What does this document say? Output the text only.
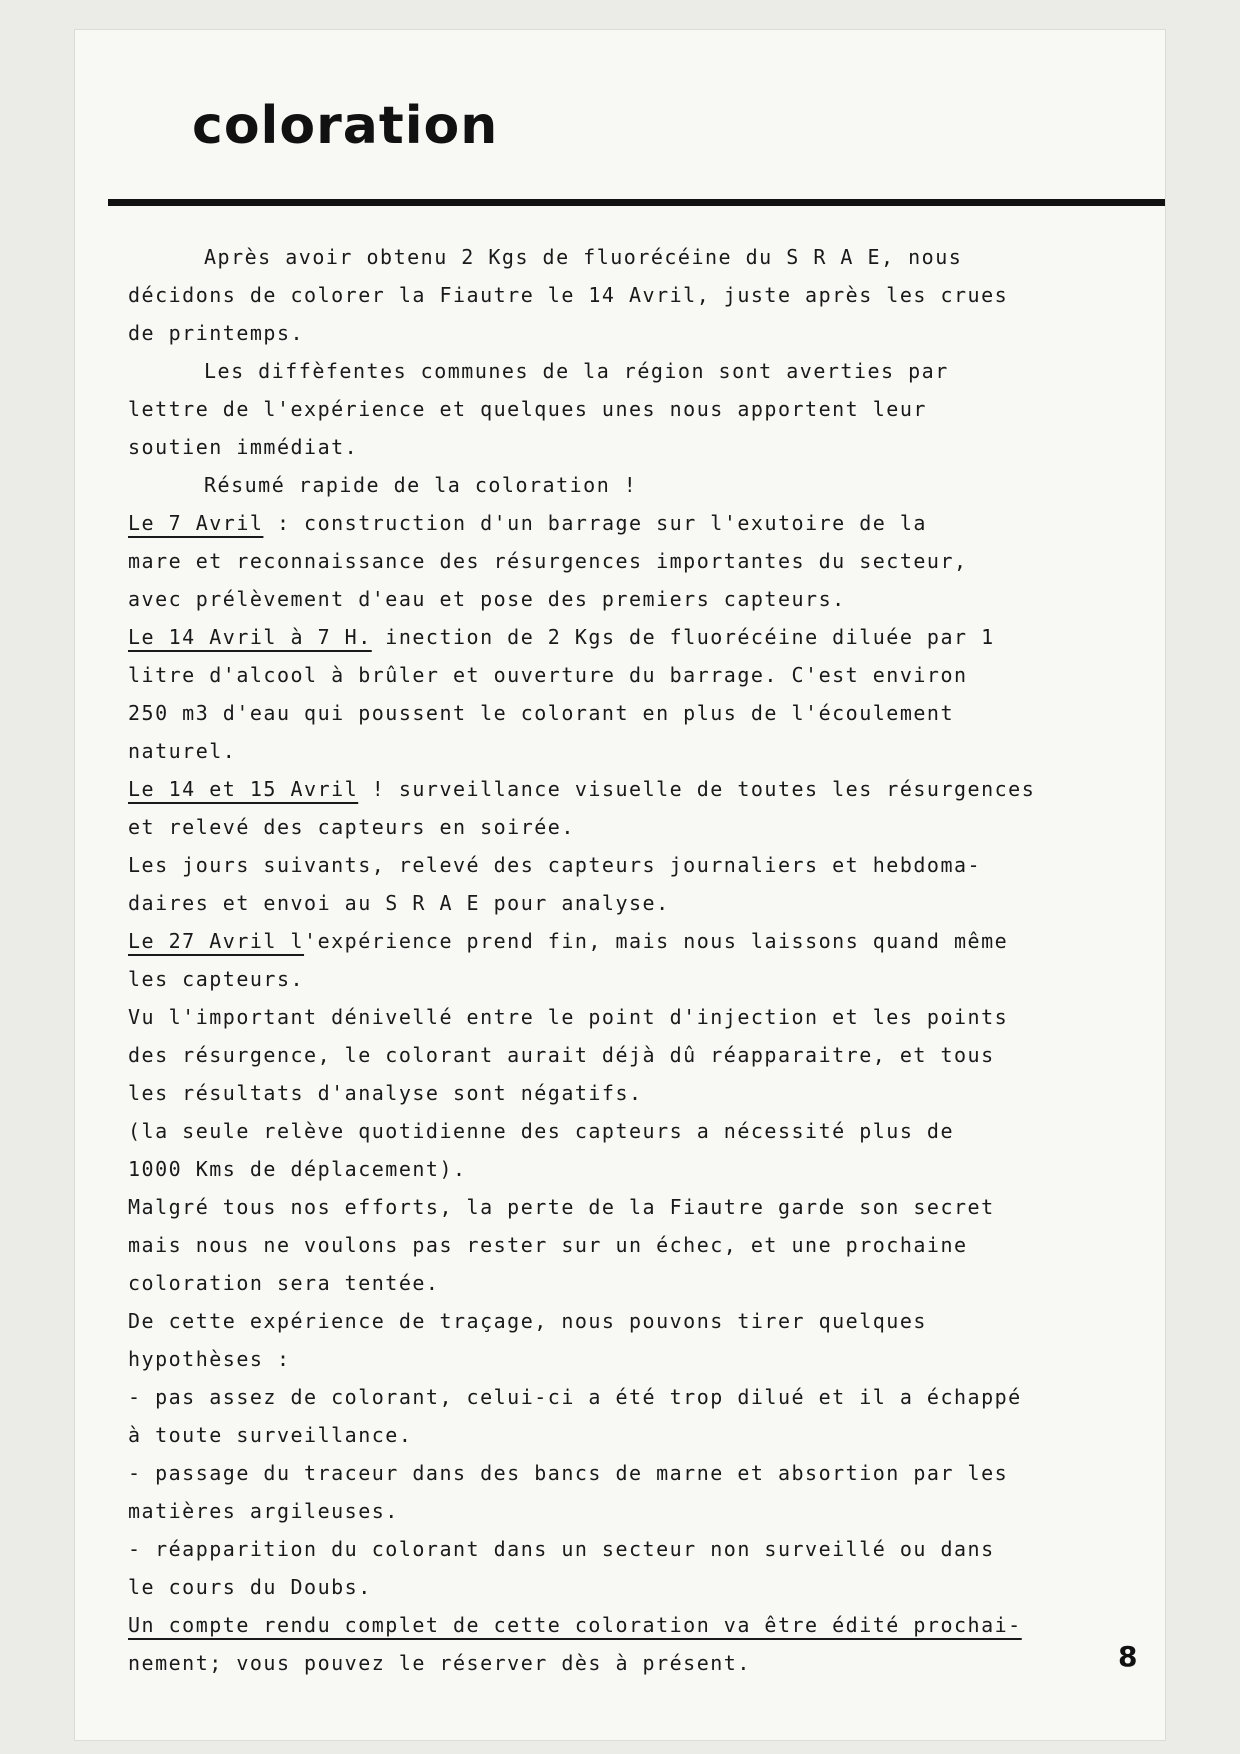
coloration
Après avoir obtenu 2 Kgs de fluorécéine du S R A E, nous
décidons de colorer la Fiautre le 14 Avril, juste après les crues
de printemps.
Les diffèfentes communes de la région sont averties par
lettre de l'expérience et quelques unes nous apportent leur
soutien immédiat.
Résumé rapide de la coloration !
Le 7 Avril : construction d'un barrage sur l'exutoire de la
mare et reconnaissance des résurgences importantes du secteur,
avec prélèvement d'eau et pose des premiers capteurs.
Le 14 Avril à 7 H. inection de 2 Kgs de fluorécéine diluée par 1
litre d'alcool à brûler et ouverture du barrage. C'est environ
250 m3 d'eau qui poussent le colorant en plus de l'écoulement
naturel.
Le 14 et 15 Avril ! surveillance visuelle de toutes les résurgences
et relevé des capteurs en soirée.
Les jours suivants, relevé des capteurs journaliers et hebdoma-
daires et envoi au S R A E pour analyse.
Le 27 Avril l'expérience prend fin, mais nous laissons quand même
les capteurs.
Vu l'important dénivellé entre le point d'injection et les points
des résurgence, le colorant aurait déjà dû réapparaitre, et tous
les résultats d'analyse sont négatifs.
(la seule relève quotidienne des capteurs a nécessité plus de
1000 Kms de déplacement).
Malgré tous nos efforts, la perte de la Fiautre garde son secret
mais nous ne voulons pas rester sur un échec, et une prochaine
coloration sera tentée.
De cette expérience de traçage, nous pouvons tirer quelques
hypothèses :
- pas assez de colorant, celui-ci a été trop dilué et il a échappé
à toute surveillance.
- passage du traceur dans des bancs de marne et absortion par les
matières argileuses.
- réapparition du colorant dans un secteur non surveillé ou dans
le cours du Doubs.
Un compte rendu complet de cette coloration va être édité prochai-
nement; vous pouvez le réserver dès à présent.	8
